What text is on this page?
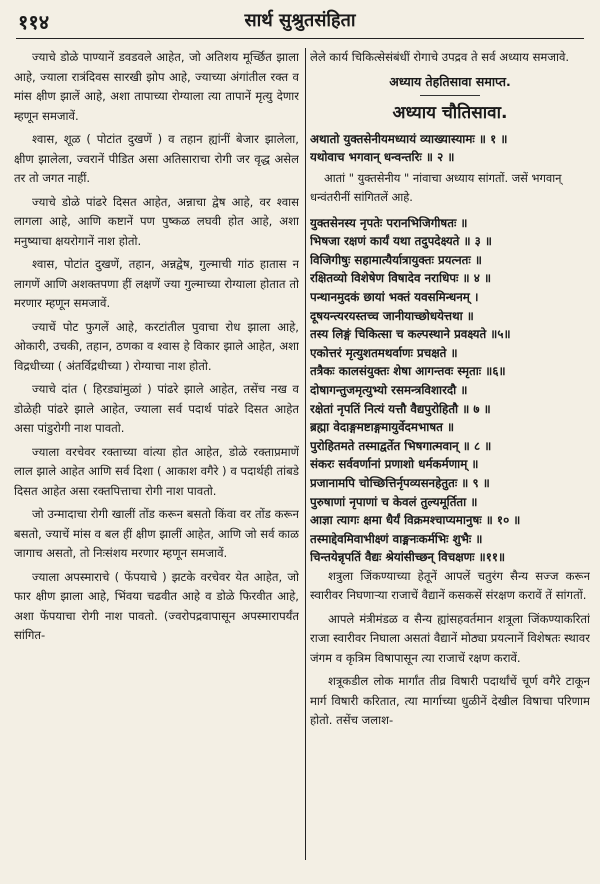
११४	सार्थ सुश्रुतसंहिता

ज्याचे डोळे पाण्यानें डवडवले आहेत, जो अतिशय मूर्च्छित झाला आहे, ज्याला रात्रंदिवस सारखी झोप आहे, ज्याच्या अंगांतील रक्त व मांस क्षीण झालें आहे, अशा तापाच्या रोग्याला त्या तापानें मृत्यु देणार म्हणून समजावें.

श्वास, शूळ ( पोटांत दुखणें ) व तहान ह्यांनीं बेजार झालेला, क्षीण झालेला, ज्वरानें पीडित असा अतिसाराचा रोगी जर वृद्ध असेल तर तो जगत नाहीं.

ज्याचे डोळे पांढरे दिसत आहेत, अन्नाचा द्वेष आहे, वर श्वास लागला आहे, आणि कष्टानें पण पुष्कळ लघवी होत आहे, अशा मनुष्याचा क्षयरोगानें नाश होतो.

श्वास, पोटांत दुखणें, तहान, अन्नद्वेष, गुल्माची गांठ हातास न लागणें आणि अशक्तपणा हीं लक्षणें ज्या गुल्माच्या रोग्याला होतात तो मरणार म्हणून समजावें.

ज्याचें पोट फुगलें आहे, करटांतील पुवाचा रोध झाला आहे, ओकारी, उचकी, तहान, ठणका व श्वास हे विकार झाले आहेत, अशा विद्रधीच्या ( अंतर्विद्रधीच्या ) रोग्याचा नाश होतो.

ज्याचे दांत ( हिरड्यांमुळां ) पांढरे झाले आहेत, तसेंच नख व डोळेही पांढरे झाले आहेत, ज्याला सर्व पदार्थ पांढरे दिसत आहेत असा पांडुरोगी नाश पावतो.

ज्याला वरचेवर रक्ताच्या वांत्या होत आहेत, डोळे रक्ताप्रमाणें लाल झाले आहेत आणि सर्व दिशा ( आकाश वगैरे ) व पदार्थही तांबडे दिसत आहेत असा रक्तपित्ताचा रोगी नाश पावतो.

जो उन्मादाचा रोगी खालीं तोंड करून बसतो किंवा वर तोंड करून बसतो, ज्याचें मांस व बल हीं क्षीण झालीं आहेत, आणि जो सर्व काळ जागाच असतो, तो निःसंशय मरणार म्हणून समजावें.

ज्याला अपस्माराचे ( फेंपयाचे ) झटके वरचेवर येत आहेत, जो फार क्षीण झाला आहे, भिंवया चढवीत आहे व डोळे फिरवीत आहे, अशा फेंपयाचा रोगी नाश पावतो. (ज्वरोपद्रवापासून अपस्मारापर्यंत सांगित-

लेले कार्य चिकित्सेसंबंधीं रोगाचे उपद्रव ते सर्व अध्याय समजावे.

अध्याय तेहतिसावा समाप्त.
अध्याय चौतिसावा.

अथातो युक्तसेनीयमध्यायं व्याख्यास्यामः ॥ १ ॥

यथोवाच भगवान् धन्वन्तरिः ॥ २ ॥

आतां " युक्तसेनीय " नांवाचा अध्याय सांगतों. जसें भगवान् धन्वंतरीनीं सांगितलें आहे.

युक्तसेनस्य नृपतेः परानभिजिगीषतः ॥

भिषजा रक्षणं कार्यं यथा तदुपदेक्ष्यते ॥ ३ ॥

विजिगीषुः सहामात्यैर्यात्रायुक्तः प्रयत्नतः ॥

रक्षितव्यो विशेषेण विषादेव नराधिपः ॥ ४ ॥

पन्थानमुदकं छायां भक्तं यवसमिन्धनम् ।

दूषयन्त्यरयस्तच्च जानीयाच्छोधयेत्तथा ॥

तस्य लिङ्गं चिकित्सा च कल्पस्थाने प्रवक्ष्यते ॥५॥

एकोत्तरं मृत्युशतमथर्वाणः प्रचक्षते ॥

तत्रैकः कालसंयुक्तः शेषा आगन्तवः स्मृताः ॥६॥

दोषागन्तुजमृत्युभ्यो रसमन्त्रविशारदौ ॥

रक्षेतां नृपतिं नित्यं यत्तौ वैद्यपुरोहितौ ॥ ७ ॥

ब्रह्मा वेदाङ्गमष्टाङ्गमायुर्वेदमभाषत ॥

पुरोहितमते तस्माद्वर्तेत भिषगात्मवान् ॥ ८ ॥

संकरः सर्ववर्णानां प्रणाशो धर्मकर्मणाम् ॥

प्रजानामपि चोच्छित्तिर्नृपव्यसनहेतुतः ॥ ९ ॥

पुरुषाणां नृपाणां च केवलं तुल्यमूर्तिता ॥

आज्ञा त्यागः क्षमा धैर्यं विक्रमश्चाप्यमानुषः ॥ १० ॥

तस्माद्देवमिवाभीक्ष्णं वाङ्मनःकर्मभिः शुभैः ॥

चिन्तयेन्नृपतिं वैद्यः श्रेयांसीच्छन् विचक्षणः ॥११॥

शत्रुला जिंकण्याच्या हेतूनें आपलें चतुरंग सैन्य सज्ज करून स्वारीवर निघणाऱ्या राजाचें वैद्यानें कसकसें संरक्षण करावें तें सांगतों.

आपले मंत्रीमंडळ व सैन्य ह्यांसहवर्तमान शत्रूला जिंकण्याकरितां राजा स्वारीवर निघाला असतां वैद्यानें मोठ्या प्रयत्नानें विशेषतः स्थावर जंगम व कृत्रिम विषापासून त्या राजाचें रक्षण करावें.

शत्रूकडील लोक मार्गांत तीव्र विषारी पदार्थांचें चूर्ण वगैरे टाकून मार्ग विषारी करितात, त्या मार्गाच्या धुळीनें देखील विषाचा परिणाम होतो. तसेंच जलाश-
